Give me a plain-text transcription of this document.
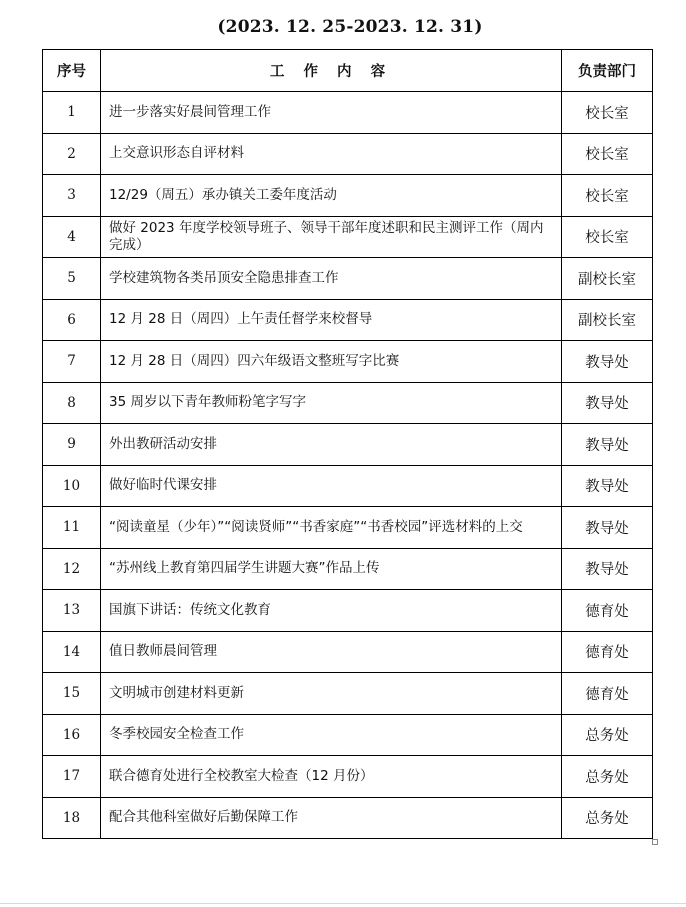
(2023. 12. 25-2023. 12. 31)
序号	工 作 内 容	负责部门
1	进一步落实好晨间管理工作	校长室
2	上交意识形态自评材料	校长室
3	12/29（周五）承办镇关工委年度活动	校长室
4	做好 2023 年度学校领导班子、领导干部年度述职和民主测评工作（周内完成）	校长室
5	学校建筑物各类吊顶安全隐患排查工作	副校长室
6	12 月 28 日（周四）上午责任督学来校督导	副校长室
7	12 月 28 日（周四）四六年级语文整班写字比赛	教导处
8	35 周岁以下青年教师粉笔字写字	教导处
9	外出教研活动安排	教导处
10	做好临时代课安排	教导处
11	“阅读童星（少年）”“阅读贤师”“书香家庭”“书香校园”评选材料的上交	教导处
12	“苏州线上教育第四届学生讲题大赛”作品上传	教导处
13	国旗下讲话：传统文化教育	德育处
14	值日教师晨间管理	德育处
15	文明城市创建材料更新	德育处
16	冬季校园安全检查工作	总务处
17	联合德育处进行全校教室大检查（12 月份）	总务处
18	配合其他科室做好后勤保障工作	总务处
